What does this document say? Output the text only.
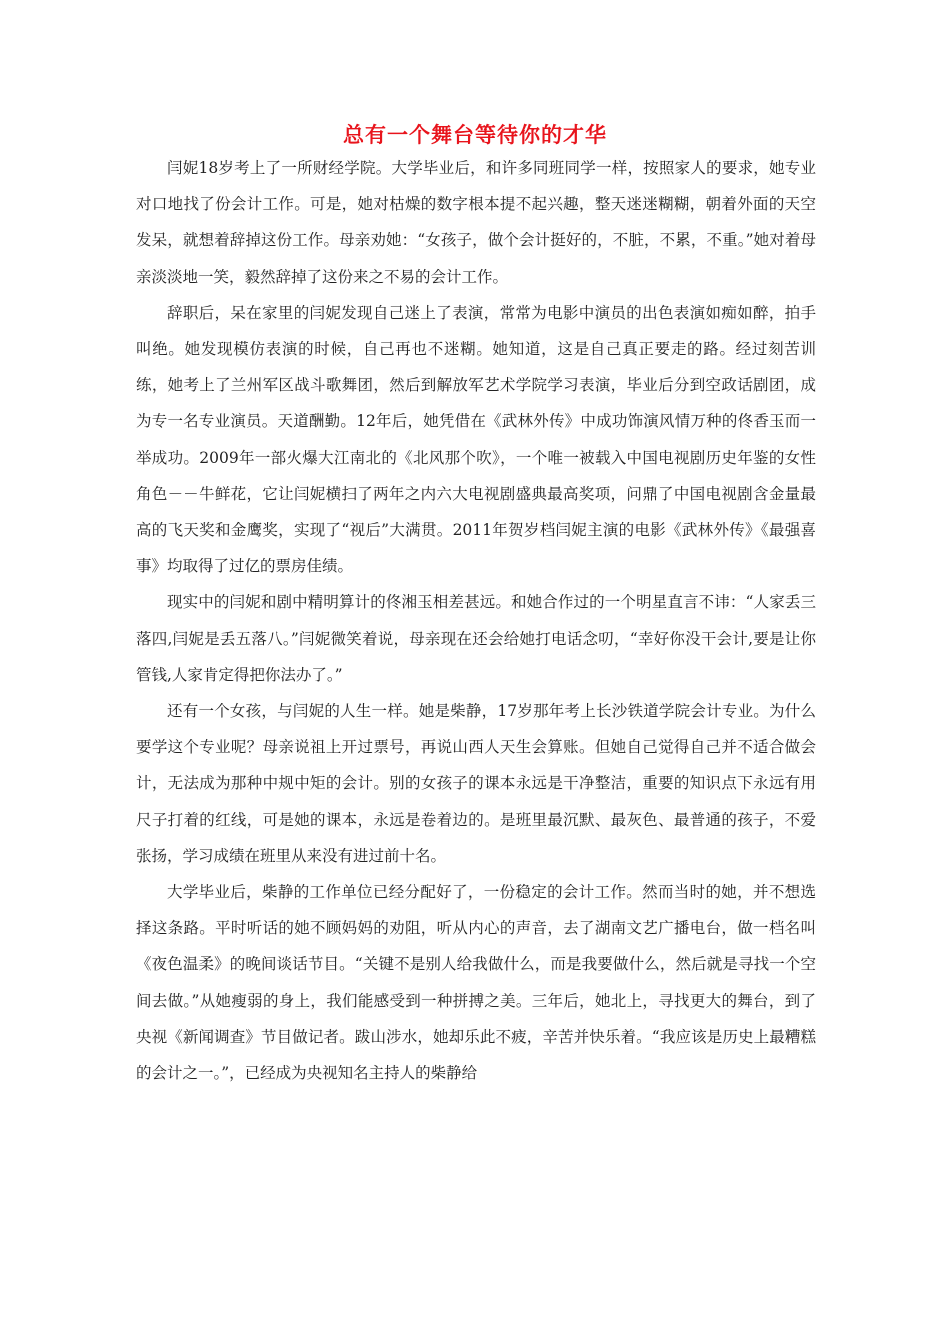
总有一个舞台等待你的才华

闫妮18岁考上了一所财经学院。大学毕业后，和许多同班同学一样，按照家人的要求，她专业对口地找了份会计工作。可是，她对枯燥的数字根本提不起兴趣，整天迷迷糊糊，朝着外面的天空发呆，就想着辞掉这份工作。母亲劝她：“女孩子，做个会计挺好的，不脏，不累，不重。”她对着母亲淡淡地一笑，毅然辞掉了这份来之不易的会计工作。

辞职后，呆在家里的闫妮发现自己迷上了表演，常常为电影中演员的出色表演如痴如醉，拍手叫绝。她发现模仿表演的时候，自己再也不迷糊。她知道，这是自己真正要走的路。经过刻苦训练，她考上了兰州军区战斗歌舞团，然后到解放军艺术学院学习表演，毕业后分到空政话剧团，成为专一名专业演员。天道酬勤。12年后，她凭借在《武林外传》中成功饰演风情万种的佟香玉而一举成功。2009年一部火爆大江南北的《北风那个吹》，一个唯一被载入中国电视剧历史年鉴的女性角色－－牛鲜花，它让闫妮横扫了两年之内六大电视剧盛典最高奖项，问鼎了中国电视剧含金量最高的飞天奖和金鹰奖，实现了“视后”大满贯。2011年贺岁档闫妮主演的电影《武林外传》《最强喜事》均取得了过亿的票房佳绩。

现实中的闫妮和剧中精明算计的佟湘玉相差甚远。和她合作过的一个明星直言不讳：“人家丢三落四,闫妮是丢五落八。”闫妮微笑着说，母亲现在还会给她打电话念叨，“幸好你没干会计,要是让你管钱,人家肯定得把你法办了。”

还有一个女孩，与闫妮的人生一样。她是柴静，17岁那年考上长沙铁道学院会计专业。为什么要学这个专业呢？母亲说祖上开过票号，再说山西人天生会算账。但她自己觉得自己并不适合做会计，无法成为那种中规中矩的会计。别的女孩子的课本永远是干净整洁，重要的知识点下永远有用尺子打着的红线，可是她的课本，永远是卷着边的。是班里最沉默、最灰色、最普通的孩子，不爱张扬，学习成绩在班里从来没有进过前十名。

大学毕业后，柴静的工作单位已经分配好了，一份稳定的会计工作。然而当时的她，并不想选择这条路。平时听话的她不顾妈妈的劝阻，听从内心的声音，去了湖南文艺广播电台，做一档名叫《夜色温柔》的晚间谈话节目。“关键不是别人给我做什么，而是我要做什么，然后就是寻找一个空间去做。”从她瘦弱的身上，我们能感受到一种拼搏之美。三年后，她北上，寻找更大的舞台，到了央视《新闻调查》节目做记者。跋山涉水，她却乐此不疲，辛苦并快乐着。“我应该是历史上最糟糕的会计之一。”，已经成为央视知名主持人的柴静给
